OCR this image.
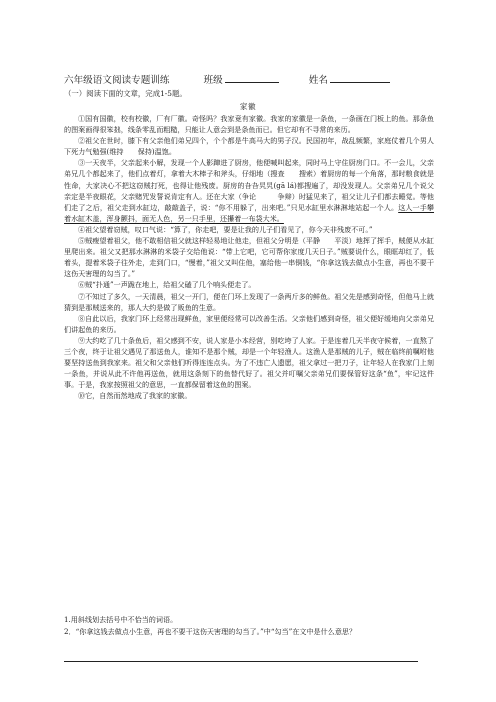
六年级语文阅读专题训练	班级	姓名
（一）阅读下面的文章，完成1-5题。
家徽

①国有国徽，校有校徽，厂有厂徽。奇怪吗？我家竟有家徽。我家的家徽是一条鱼，一条画在门板上的鱼。那条鱼的图案画得很笨拙，线条零乱而粗糙，只能让人意会到是条鱼而已。但它却有不寻常的来历。

②祖父在世时，膝下有父亲他们弟兄四个，个个都是牛高马大的男子汉。民国初年，战乱频繁，家庭仗着几个男人下死力气勉强(维持　　保持)温饱。

③一天夜半，父亲起来小解，发现一个人影蹿进了厨房，他便喊叫起来，同时马上守住厨房门口。不一会儿，父亲弟兄几个都起来了，他们点着灯，拿着大木棒子和斧头，仔细地（搜查　　搜索）着厨房的每一个角落，那时粮食就是性命，大家决心不把这窃贼打死，也得让他残废。厨房的旮旮旯旯(gā lá)都搜遍了，却没发现人。父亲弟兄几个说父亲定是半夜眼花，父亲赌咒发誓说肯定有人。还在大家（争论　　　争辩）时猛见来了，祖父让儿子们都去睡觉。等他们走了之后，祖父走到水缸边，敲敲盖子，说：“你不用躲了，出来吧。”只见水缸里水淋淋地站起一个人。这人一手攀着水缸木盖，浑身颤抖，面无人色，另一只手里，还攥着一布袋大米。

④祖父望着窃贼，叹口气说：“算了，你走吧，要是让我的儿子们看见了，你今天非残废不可。”

⑤贼瘦望着祖父，他不敢相信祖父就这样轻易地让他走，但祖父分明是（平静　　平淡）地挥了挥手，贼便从水缸里爬出来。祖父又把那水淋淋的米袋子交给他说：“带上它吧，它可帮你家度几天日子。”贼要说什么，眼眶却红了，低着头，提着米袋子往外走，走到门口，“慢着，”祖父又叫住他，塞给他一串铜钱，“你拿这钱去做点小生意，再也不要干这伤天害理的勾当了。”

⑥贼“扑通”一声跪在地上，给祖父磕了几个响头便走了。

⑦不知过了多久，一天清晨，祖父一开门，便在门环上发现了一条两斤多的鲜鱼。祖父先是感到奇怪，但他马上就猜到是那贼送来的，那人大约是做了贩鱼的生意。

⑧自此以后，我家门环上经常出现鲜鱼，家里便经常可以改善生活。父亲他们感到奇怪，祖父便好缓地向父亲弟兄们讲起鱼的来历。

⑨大约吃了几十条鱼后，祖父感到不安，说人家是小本经营，别吃垮了人家。于是连着几天半夜守候着，一直熬了三个夜，终于让祖父遇见了那送鱼人，谁知不是那个贼，却是一个年轻渔人。这渔人是那贼的儿子，贼在临终前嘱咐他要坚持送鱼到我家来。祖父和父亲他们听得连连点头。为了不违亡人遗愿，祖父拿过一把刀子，让年轻人在我家门上刻一条鱼，并说从此不许他再送鱼，就用这条刻下的鱼替代好了。祖父并叮嘱父亲弟兄们要保管好这条“鱼”，牢记这件事。于是，我家按照祖父的意思，一直都保留着这鱼的图案。

⑩它，自然而然地成了我家的家徽。

1.用斜线划去括号中不恰当的词语。

2．“你拿这钱去做点小生意，再也不要干这伤天害理的勾当了。”中“勾当”在文中是什么意思？
